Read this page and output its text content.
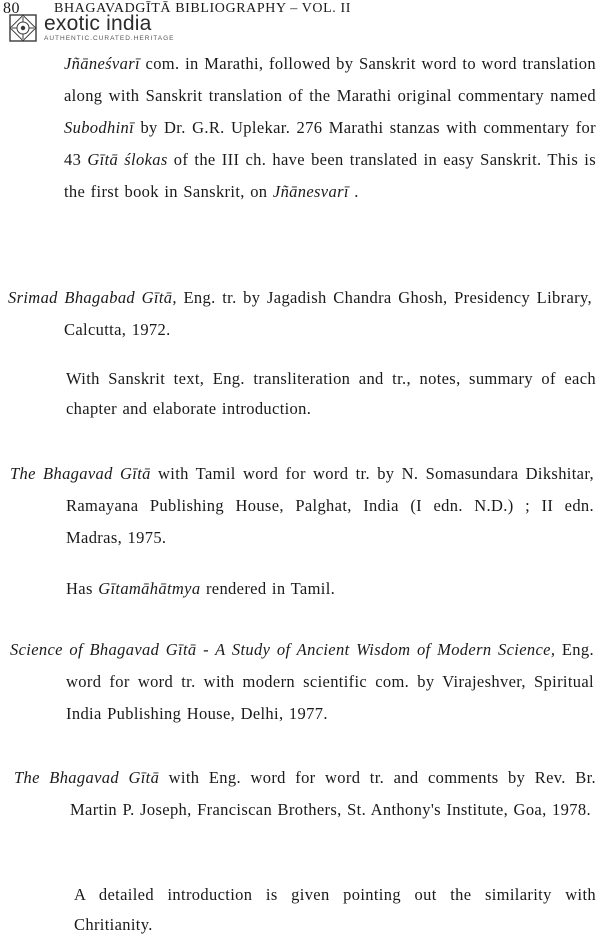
80 BHAGAVADGĪTĀ BIBLIOGRAPHY – VOL. II
exotic india
AUTHENTIC.CURATED.HERITAGE

Jñāneśvarī com. in Marathi, followed by Sanskrit word to word translation along with Sanskrit translation of the Marathi original commentary named Subodhinī by Dr. G.R. Uplekar. 276 Marathi stanzas with commentary for 43 Gītā ślokas of the III ch. have been translated in easy Sanskrit. This is the first book in Sanskrit, on Jñānesvarī .

Srimad Bhagabad Gītā, Eng. tr. by Jagadish Chandra Ghosh, Presidency Library, Calcutta, 1972.

With Sanskrit text, Eng. transliteration and tr., notes, summary of each chapter and elaborate introduction.

The Bhagavad Gītā with Tamil word for word tr. by N. Somasundara Dikshitar, Ramayana Publishing House, Palghat, India (I edn. N.D.) ; II edn. Madras, 1975.

Has Gītamāhātmya rendered in Tamil.

Science of Bhagavad Gītā - A Study of Ancient Wisdom of Modern Science, Eng. word for word tr. with modern scientific com. by Virajeshver, Spiritual India Publishing House, Delhi, 1977.

The Bhagavad Gītā with Eng. word for word tr. and comments by Rev. Br. Martin P. Joseph, Franciscan Brothers, St. Anthony's Institute, Goa, 1978.

A detailed introduction is given pointing out the similarity with Chritianity.
